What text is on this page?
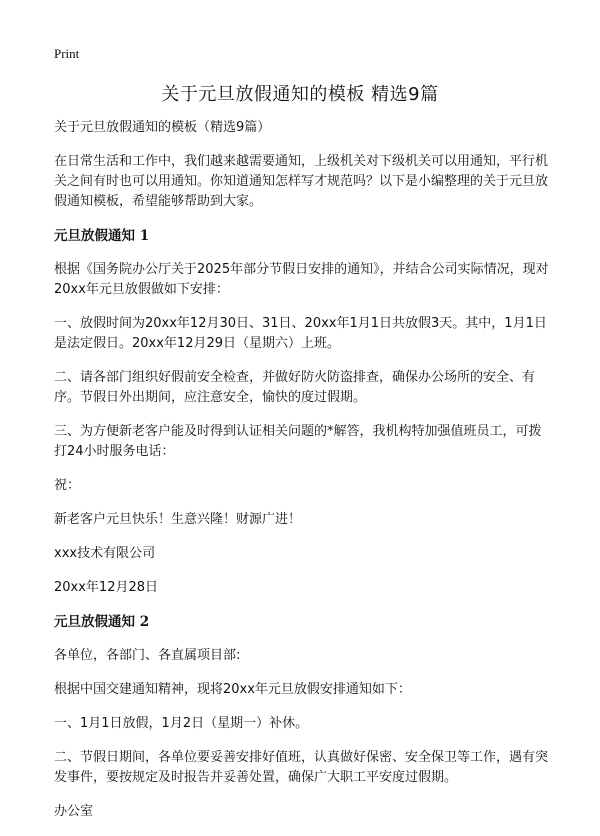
Print
关于元旦放假通知的模板 精选9篇

关于元旦放假通知的模板（精选9篇）

在日常生活和工作中，我们越来越需要通知，上级机关对下级机关可以用通知，平行机关之间有时也可以用通知。你知道通知怎样写才规范吗？以下是小编整理的关于元旦放假通知模板，希望能够帮助到大家。

元旦放假通知 1

根据《国务院办公厅关于2025年部分节假日安排的通知》，并结合公司实际情况，现对20xx年元旦放假做如下安排：

一、放假时间为20xx年12月30日、31日、20xx年1月1日共放假3天。其中，1月1日是法定假日。20xx年12月29日（星期六）上班。

二、请各部门组织好假前安全检查，并做好防火防盗排查，确保办公场所的安全、有序。节假日外出期间，应注意安全，愉快的度过假期。

三、为方便新老客户能及时得到认证相关问题的*解答，我机构特加强值班员工，可拨打24小时服务电话：

祝：

新老客户元旦快乐！生意兴隆！财源广进！

xxx技术有限公司

20xx年12月28日

元旦放假通知 2

各单位，各部门、各直属项目部:

根据中国交建通知精神，现将20xx年元旦放假安排通知如下：

一、1月1日放假，1月2日（星期一）补休。

二、节假日期间，各单位要妥善安排好值班，认真做好保密、安全保卫等工作，遇有突发事件，要按规定及时报告并妥善处置，确保广大职工平安度过假期。

办公室
